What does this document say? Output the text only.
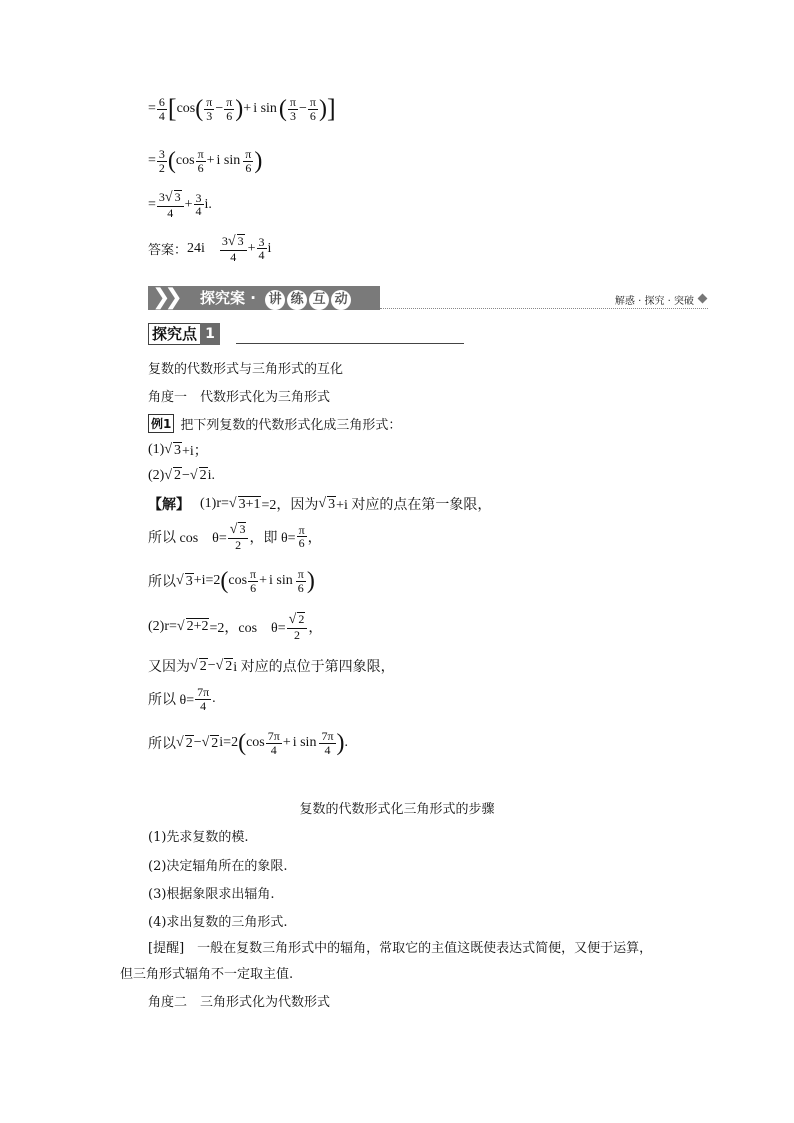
= $\frac{6}{4}$ [ cos ( $\frac{\pi}{3} - \frac{\pi}{6}$ ) + i sin ( $\frac{\pi}{3} - \frac{\pi}{6}$ ) ]
= $\frac{3}{2}$ ( $\cos \frac{\pi}{6} + i$ $\sin \frac{\pi}{6}$ )
= $\frac{3√ 3}{4} + \frac{3}{4} i$.
答案： $24i \frac{3√ 3}{4} + \frac{3}{4}$ i
❯❯	探究案 · 讲 练 互 动	解惑 · 探究 · 突破
探究点 1
复数的代数形式与三角形式的互化
角度一　代数形式化为三角形式
例1 把下列复数的代数形式化成三角形式：
(1) √ 3 +i；
(2) √ 2 − √ 2 i.
【解】 (1)r= √ 3+1 =2，因为 √ 3 +i 对应的点在第一象限，
所以 cos　$\theta= \frac{√ 3}{2}$ ，即 $\theta= \frac{\pi}{6}$ ，
所以 √ 3 +i=2 ( $\cos \frac{\pi}{6} + i$ $\sin \frac{\pi}{6}$ )
(2)r= √ 2+2 =2，cos　$\theta= \frac{√ 2}{2}$ ，
又因为 √ 2 − √ 2 i 对应的点位于第四象限，
所以 $\theta= \frac{7\pi}{4}$ .
所以 √ 2 − √ 2 i=2 ( $\cos \frac{7\pi}{4} + i$ $\sin \frac{7\pi}{4}$ ) .
复数的代数形式化三角形式的步骤
(1)先求复数的模.
(2)决定辐角所在的象限.
(3)根据象限求出辐角.
(4)求出复数的三角形式.
[提醒]　一般在复数三角形式中的辐角，常取它的主值这既使表达式简便，又便于运算，
但三角形式辐角不一定取主值.
角度二　三角形式化为代数形式
